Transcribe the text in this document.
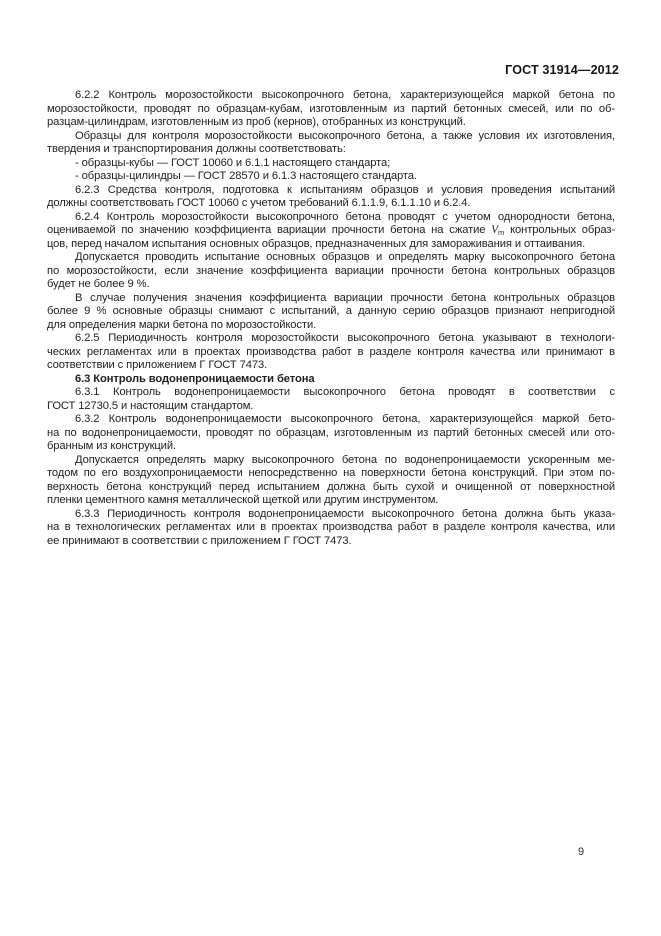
ГОСТ 31914—2012
6.2.2 Контроль морозостойкости высокопрочного бетона, характеризующейся маркой бетона по
морозостойкости, проводят по образцам-кубам, изготовленным из партий бетонных смесей, или по об-
разцам-цилиндрам, изготовленным из проб (кернов), отобранных из конструкций.
Образцы для контроля морозостойкости высокопрочного бетона, а также условия их изготовления,
твердения и транспортирования должны соответствовать:
- образцы-кубы — ГОСТ 10060 и 6.1.1 настоящего стандарта;
- образцы-цилиндры — ГОСТ 28570 и 6.1.3 настоящего стандарта.
6.2.3 Средства контроля, подготовка к испытаниям образцов и условия проведения испытаний
должны соответствовать ГОСТ 10060 с учетом требований 6.1.1.9, 6.1.1.10 и 6.2.4.
6.2.4 Контроль морозостойкости высокопрочного бетона проводят с учетом однородности бетона,
оцениваемой по значению коэффициента вариации прочности бетона на сжатие $V_m$ контрольных образ-
цов, перед началом испытания основных образцов, предназначенных для замораживания и оттаивания.
Допускается проводить испытание основных образцов и определять марку высокопрочного бетона
по морозостойкости, если значение коэффициента вариации прочности бетона контрольных образцов
будет не более 9 %.
В случае получения значения коэффициента вариации прочности бетона контрольных образцов
более 9 % основные образцы снимают с испытаний, а данную серию образцов признают непригодной
для определения марки бетона по морозостойкости.
6.2.5 Периодичность контроля морозостойкости высокопрочного бетона указывают в технологи-
ческих регламентах или в проектах производства работ в разделе контроля качества или принимают в
соответствии с приложением Г ГОСТ 7473.
6.3 Контроль водонепроницаемости бетона
6.3.1 Контроль водонепроницаемости высокопрочного бетона проводят в соответствии с
ГОСТ 12730.5 и настоящим стандартом.
6.3.2 Контроль водонепроницаемости высокопрочного бетона, характеризующейся маркой бето-
на по водонепроницаемости, проводят по образцам, изготовленным из партий бетонных смесей или ото-
бранным из конструкций.
Допускается определять марку высокопрочного бетона по водонепроницаемости ускоренным ме-
тодом по его воздухопроницаемости непосредственно на поверхности бетона конструкций. При этом по-
верхность бетона конструкций перед испытанием должна быть сухой и очищенной от поверхностной
пленки цементного камня металлической щеткой или другим инструментом.
6.3.3 Периодичность контроля водонепроницаемости высокопрочного бетона должна быть указа-
на в технологических регламентах или в проектах производства работ в разделе контроля качества, или
ее принимают в соответствии с приложением Г ГОСТ 7473.
9
